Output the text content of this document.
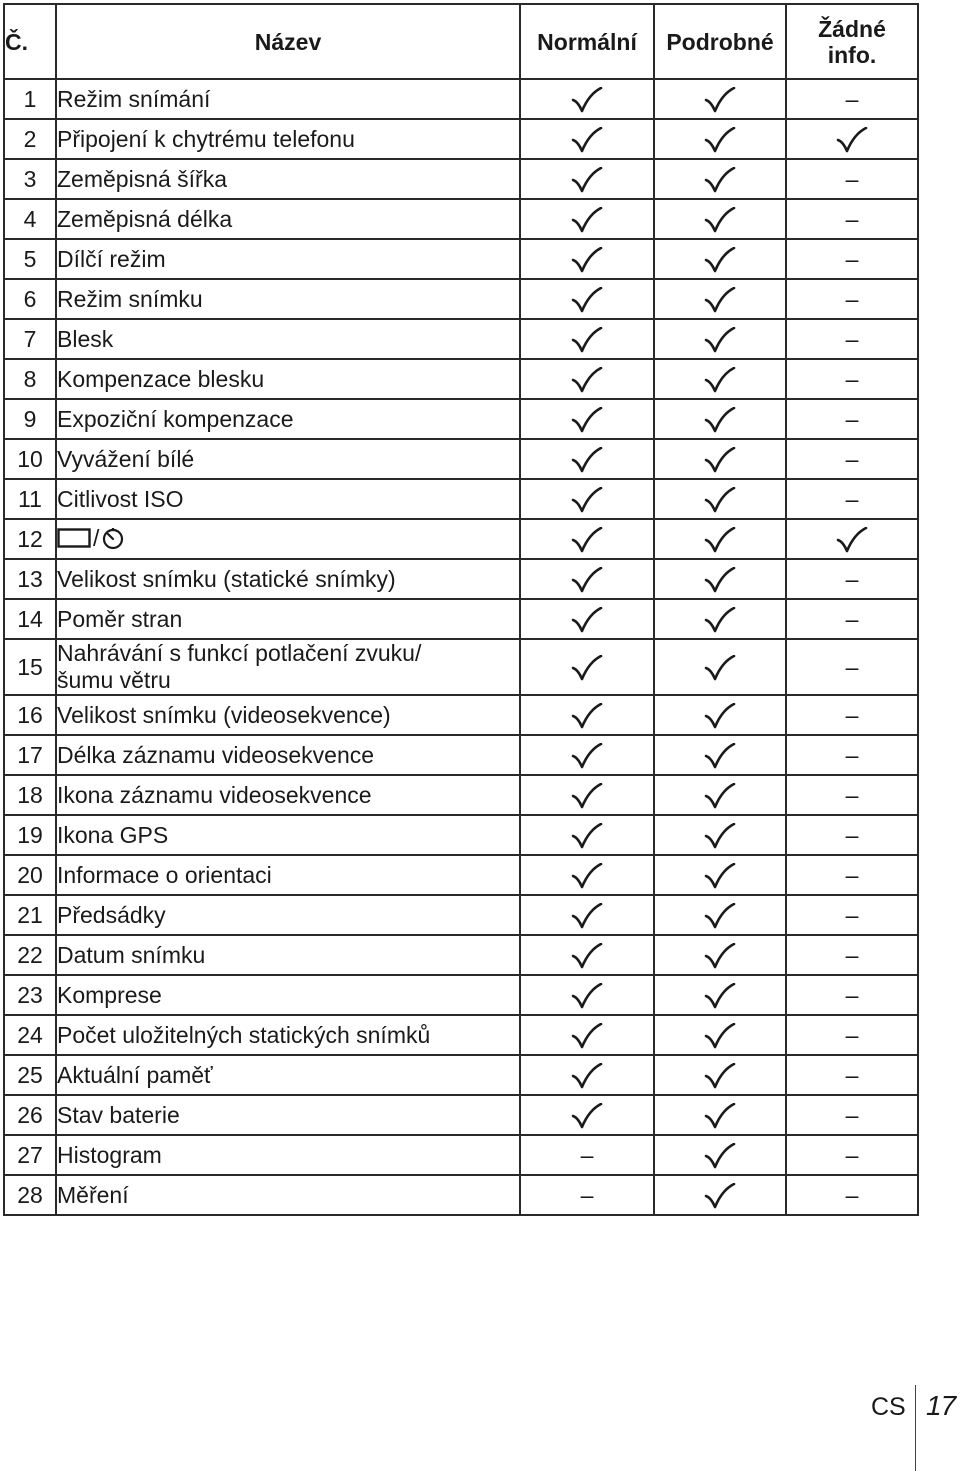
Č.	Název	Normální	Podrobné	Žádné
info.
1	Režim snímání			–
2	Připojení k chytrému telefonu	

3	Zeměpisná šířka			–
4	Zeměpisná délka			–
5	Dílčí režim			–
6	Režim snímku			–
7	Blesk			–
8	Kompenzace blesku			–
9	Expoziční kompenzace			–
10	Vyvážení bílé			–
11	Citlivost ISO			–
12	/

13	Velikost snímku (statické snímky)			–
14	Poměr stran			–
15	Nahrávání s funkcí potlačení zvuku/
šumu větru			–
16	Velikost snímku (videosekvence)			–
17	Délka záznamu videosekvence			–
18	Ikona záznamu videosekvence			–
19	Ikona GPS			–
20	Informace o orientaci			–
21	Předsádky			–
22	Datum snímku			–
23	Komprese			–
24	Počet uložitelných statických snímků			–
25	Aktuální paměť			–
26	Stav baterie			–
27	Histogram	–		–
28	Měření	–		–
CS 17
